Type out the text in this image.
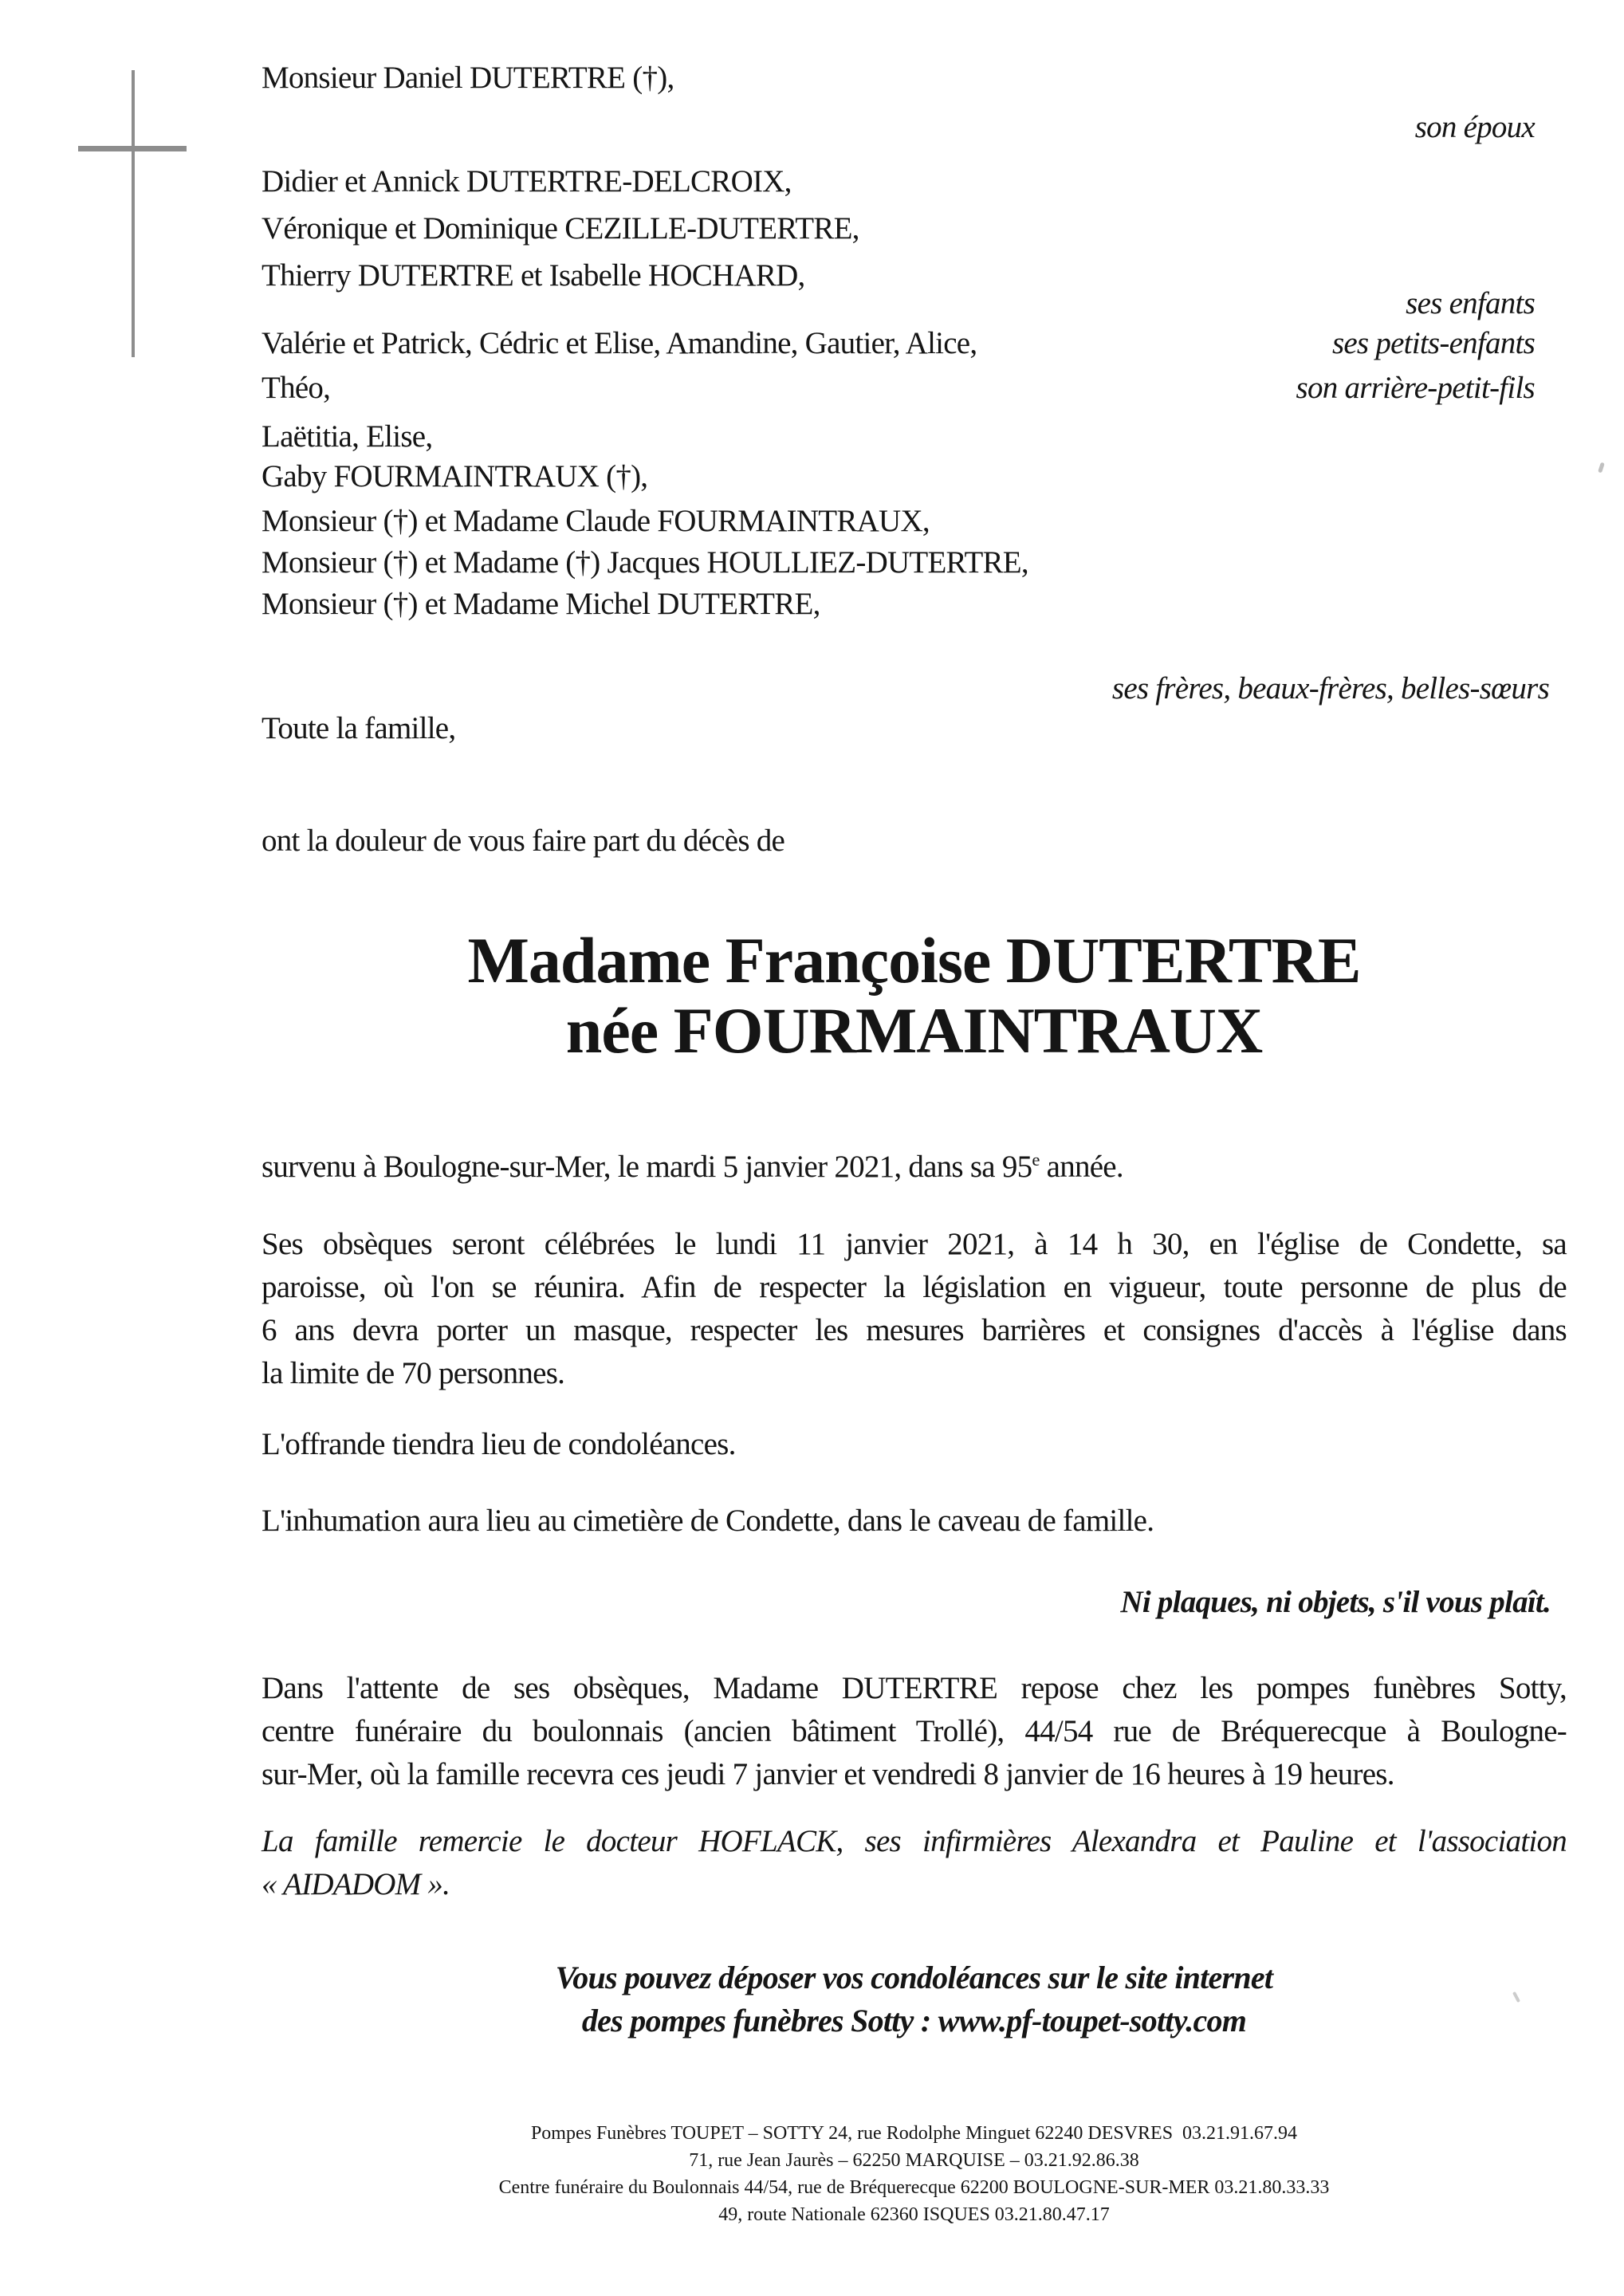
Monsieur Daniel DUTERTRE (†),
son époux
Didier et Annick DUTERTRE-DELCROIX,
Véronique et Dominique CEZILLE-DUTERTRE,
Thierry DUTERTRE et Isabelle HOCHARD,
ses enfants
Valérie et Patrick, Cédric et Elise, Amandine, Gautier, Alice,	ses petits-enfants
Théo,	son arrière-petit-fils
Laëtitia, Elise,
Gaby FOURMAINTRAUX (†),
Monsieur (†) et Madame Claude FOURMAINTRAUX,
Monsieur (†) et Madame (†) Jacques HOULLIEZ-DUTERTRE,
Monsieur (†) et Madame Michel DUTERTRE,
ses frères, beaux-frères, belles-sœurs
Toute la famille,
ont la douleur de vous faire part du décès de
Madame Françoise DUTERTRE
née FOURMAINTRAUX
survenu à Boulogne-sur-Mer, le mardi 5 janvier 2021, dans sa 95e année.
Ses obsèques seront célébrées le lundi 11 janvier 2021, à 14 h 30, en l'église de Condette, sa
paroisse, où l'on se réunira. Afin de respecter la législation en vigueur, toute personne de plus de
6 ans devra porter un masque, respecter les mesures barrières et consignes d'accès à l'église dans
la limite de 70 personnes.
L'offrande tiendra lieu de condoléances.
L'inhumation aura lieu au cimetière de Condette, dans le caveau de famille.
Ni plaques, ni objets, s'il vous plaît.
Dans l'attente de ses obsèques, Madame DUTERTRE repose chez les pompes funèbres Sotty,
centre funéraire du boulonnais (ancien bâtiment Trollé), 44/54 rue de Bréquerecque à Boulogne-
sur-Mer, où la famille recevra ces jeudi 7 janvier et vendredi 8 janvier de 16 heures à 19 heures.
La famille remercie le docteur HOFLACK, ses infirmières Alexandra et Pauline et l'association
« AIDADOM ».
Vous pouvez déposer vos condoléances sur le site internet
des pompes funèbres Sotty : www.pf-toupet-sotty.com
Pompes Funèbres TOUPET – SOTTY 24, rue Rodolphe Minguet 62240 DESVRES  03.21.91.67.94
71, rue Jean Jaurès – 62250 MARQUISE – 03.21.92.86.38
Centre funéraire du Boulonnais 44/54, rue de Bréquerecque 62200 BOULOGNE-SUR-MER 03.21.80.33.33
49, route Nationale 62360 ISQUES 03.21.80.47.17
